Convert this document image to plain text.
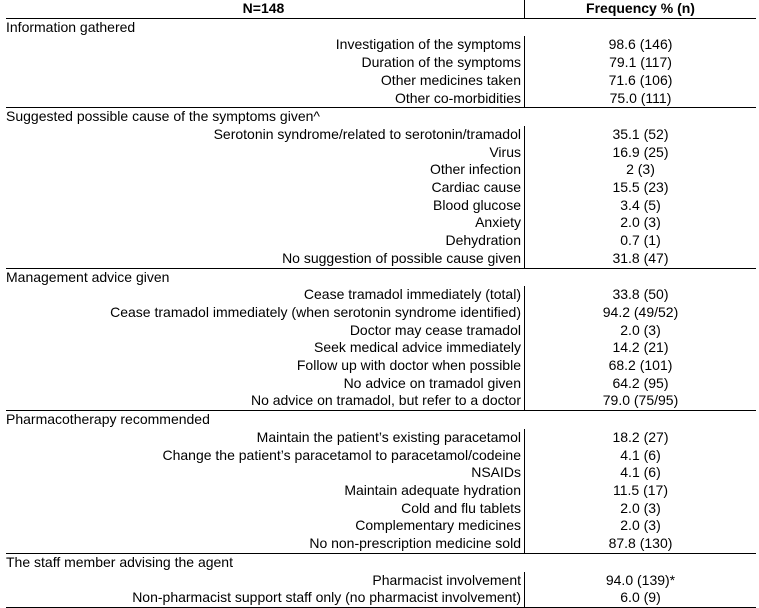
N=148	Frequency % (n)
Information gathered	
Investigation of the symptoms	98.6 (146)
Duration of the symptoms	79.1 (117)
Other medicines taken	71.6 (106)
Other co-morbidities	75.0 (111)
Suggested possible cause of the symptoms given^	
Serotonin syndrome/related to serotonin/tramadol	35.1 (52)
Virus	16.9 (25)
Other infection	2 (3)
Cardiac cause	15.5 (23)
Blood glucose	3.4 (5)
Anxiety	2.0 (3)
Dehydration	0.7 (1)
No suggestion of possible cause given	31.8 (47)
Management advice given	
Cease tramadol immediately (total)	33.8 (50)
Cease tramadol immediately (when serotonin syndrome identified)	94.2 (49/52)
Doctor may cease tramadol	2.0 (3)
Seek medical advice immediately	14.2 (21)
Follow up with doctor when possible	68.2 (101)
No advice on tramadol given	64.2 (95)
No advice on tramadol, but refer to a doctor	79.0 (75/95)
Pharmacotherapy recommended	
Maintain the patient’s existing paracetamol	18.2 (27)
Change the patient’s paracetamol to paracetamol/codeine	4.1 (6)
NSAIDs	4.1 (6)
Maintain adequate hydration	11.5 (17)
Cold and flu tablets	2.0 (3)
Complementary medicines	2.0 (3)
No non-prescription medicine sold	87.8 (130)
The staff member advising the agent	
Pharmacist involvement	94.0 (139)*
Non-pharmacist support staff only (no pharmacist involvement)	6.0 (9)
